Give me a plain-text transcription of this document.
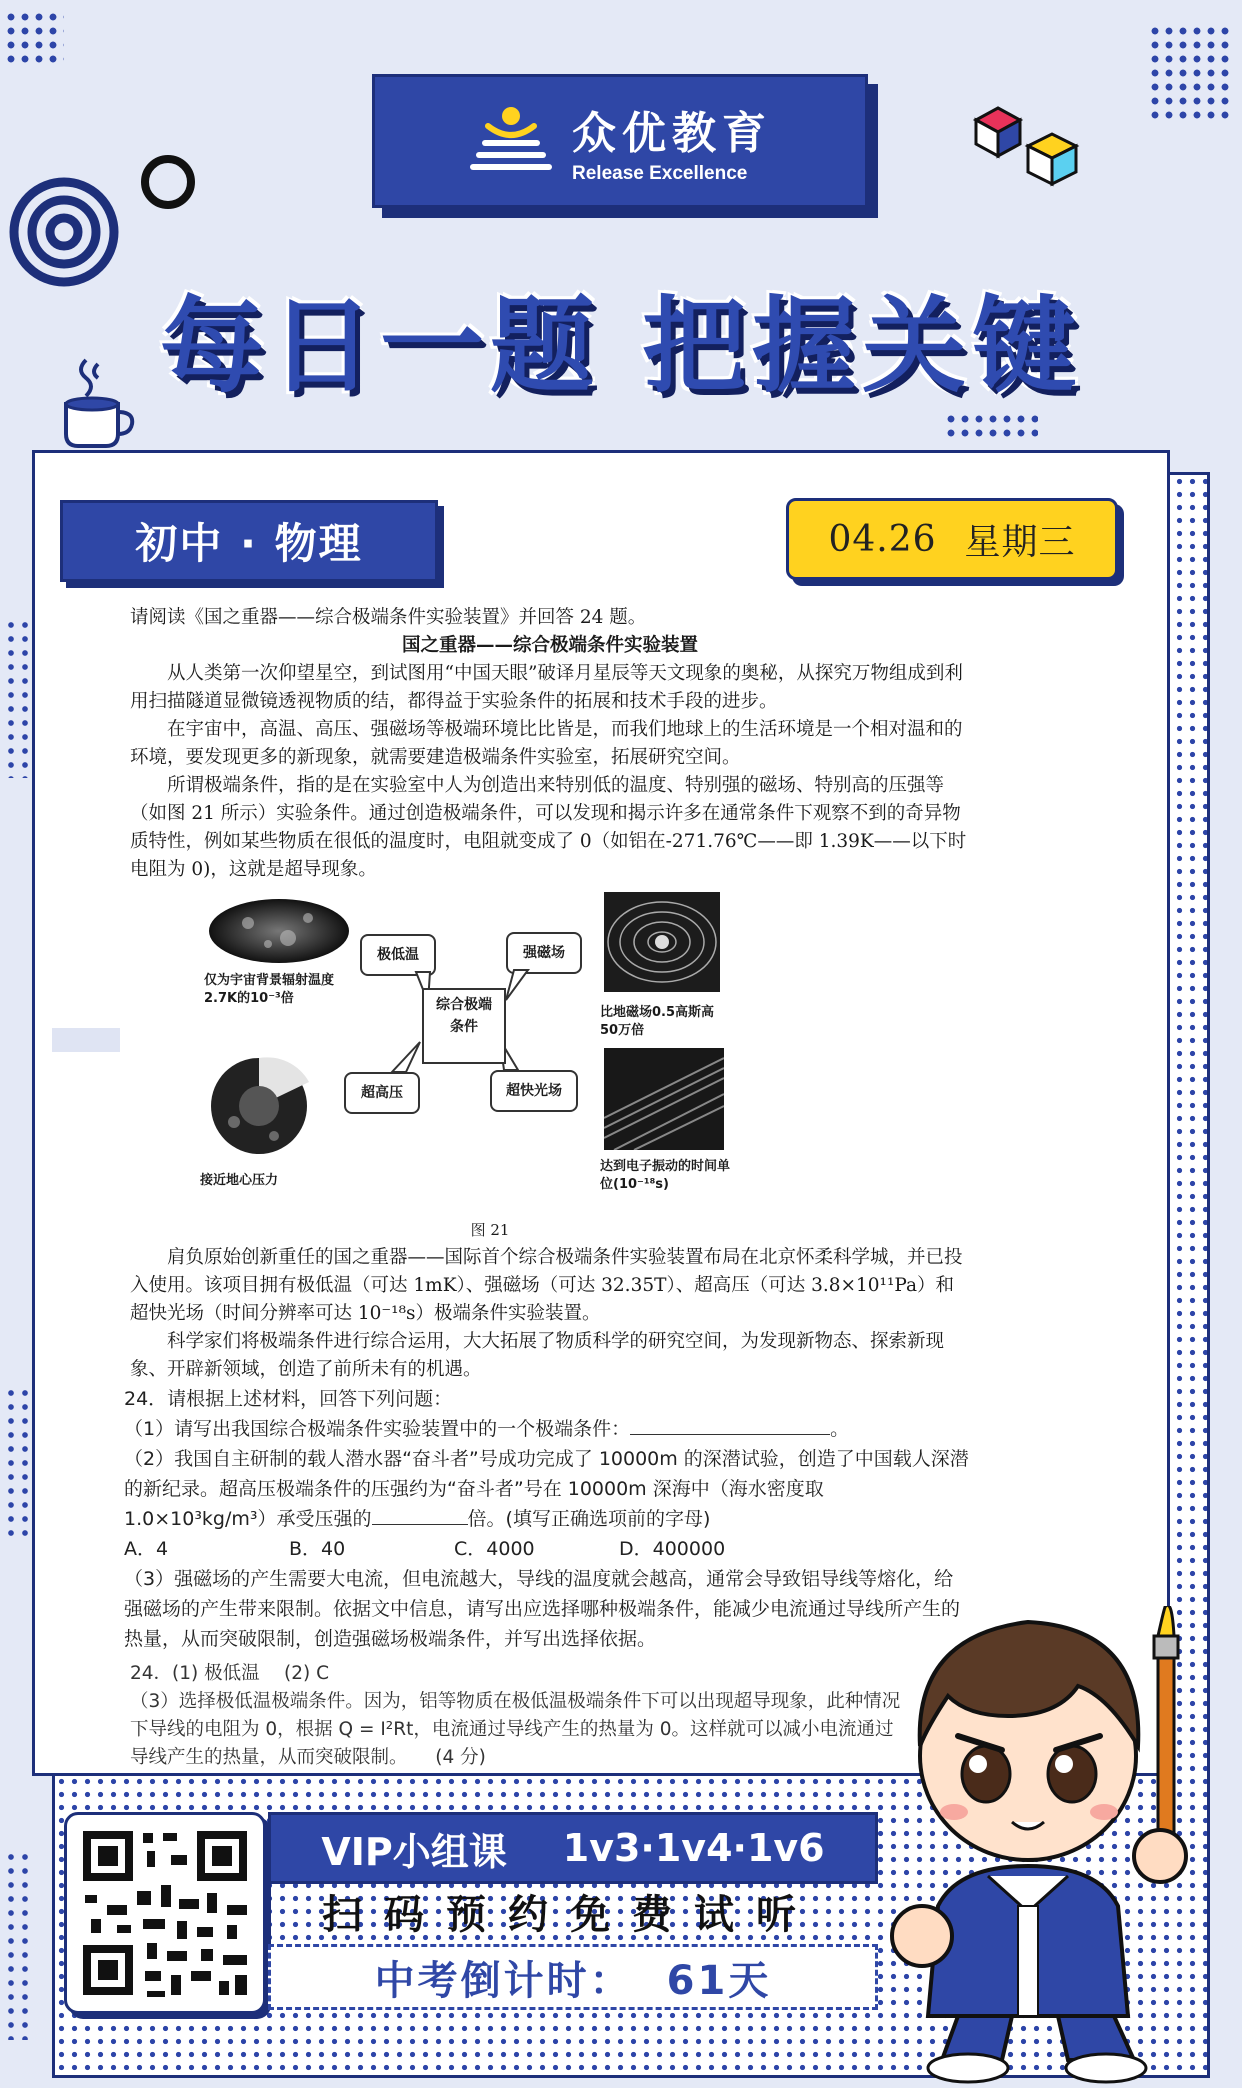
众优教育
Release Excellence
每日一题 把握关键
初中 · 物理	04.26 星期三

请阅读《国之重器——综合极端条件实验装置》并回答 24 题。

国之重器——综合极端条件实验装置

从人类第一次仰望星空，到试图用“中国天眼”破译月星辰等天文现象的奥秘，从探究万物组成到利用扫描隧道显微镜透视物质的结，都得益于实验条件的拓展和技术手段的进步。

在宇宙中，高温、高压、强磁场等极端环境比比皆是，而我们地球上的生活环境是一个相对温和的环境，要发现更多的新现象，就需要建造极端条件实验室，拓展研究空间。

所谓极端条件，指的是在实验室中人为创造出来特别低的温度、特别强的磁场、特别高的压强等（如图 21 所示）实验条件。通过创造极端条件，可以发现和揭示许多在通常条件下观察不到的奇异物质特性，例如某些物质在很低的温度时，电阻就变成了 0（如铝在-271.76℃——即 1.39K——以下时电阻为 0)，这就是超导现象。

仅为宇宙背景辐射温度2.7K的10⁻³倍
接近地心压力
极低温	强磁场
超高压	超快光场
综合极端条件
比地磁场0.5高斯高50万倍
达到电子振动的时间单位(10⁻¹⁸s)
图 21

肩负原始创新重任的国之重器——国际首个综合极端条件实验装置布局在北京怀柔科学城，并已投入使用。该项目拥有极低温（可达 1mK）、强磁场（可达 32.35T）、超高压（可达 3.8×10¹¹Pa）和超快光场（时间分辨率可达 10⁻¹⁸s）极端条件实验装置。

科学家们将极端条件进行综合运用，大大拓展了物质科学的研究空间，为发现新物态、探索新现象、开辟新领域，创造了前所未有的机遇。

24．请根据上述材料，回答下列问题：
（1）请写出我国综合极端条件实验装置中的一个极端条件：	。
（2）我国自主研制的载人潜水器“奋斗者”号成功完成了 10000m 的深潜试验，创造了中国载人深潜的新纪录。超高压极端条件的压强约为“奋斗者”号在 10000m 深海中（海水密度取 1.0×10³kg/m³）承受压强的	倍。(填写正确选项前的字母)
A．4	B．40	C．4000	D．400000
（3）强磁场的产生需要大电流，但电流越大，导线的温度就会越高，通常会导致铝导线等熔化，给强磁场的产生带来限制。依据文中信息，请写出应选择哪种极端条件，能减少电流通过导线所产生的热量，从而突破限制，创造强磁场极端条件，并写出选择依据。
24．(1) 极低温　 (2) C
（3）选择极低温极端条件。因为，铝等物质在极低温极端条件下可以出现超导现象，此种情况下导线的电阻为 0，根据 Q = I²Rt，电流通过导线产生的热量为 0。这样就可以减小电流通过导线产生的热量，从而突破限制。　　(4 分)
VIP小组课 1v3·1v4·1v6
扫码预约免费试听
中考倒计时： 61天
